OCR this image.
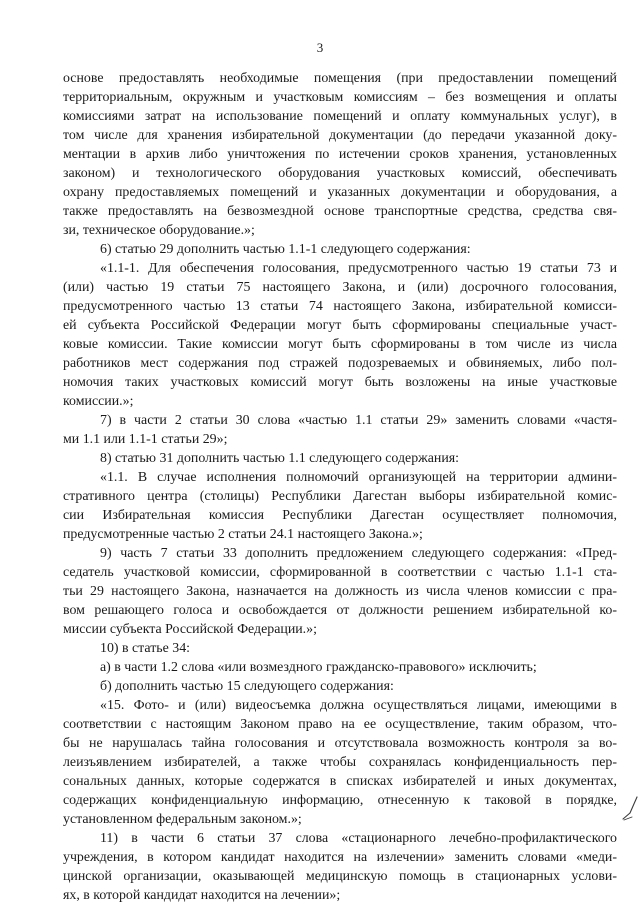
3
основе предоставлять необходимые помещения (при предоставлении помещений
территориальным, окружным и участковым комиссиям – без возмещения и оплаты
комиссиями затрат на использование помещений и оплату коммунальных услуг), в
том числе для хранения избирательной документации (до передачи указанной доку-
ментации в архив либо уничтожения по истечении сроков хранения, установленных
законом) и технологического оборудования участковых комиссий, обеспечивать
охрану предоставляемых помещений и указанных документации и оборудования, а
также предоставлять на безвозмездной основе транспортные средства, средства свя-
зи, техническое оборудование.»;
6) статью 29 дополнить частью 1.1-1 следующего содержания:
«1.1-1. Для обеспечения голосования, предусмотренного частью 19 статьи 73 и
(или) частью 19 статьи 75 настоящего Закона, и (или) досрочного голосования,
предусмотренного частью 13 статьи 74 настоящего Закона, избирательной комисси-
ей субъекта Российской Федерации могут быть сформированы специальные участ-
ковые комиссии. Такие комиссии могут быть сформированы в том числе из числа
работников мест содержания под стражей подозреваемых и обвиняемых, либо пол-
номочия таких участковых комиссий могут быть возложены на иные участковые
комиссии.»;
7) в части 2 статьи 30 слова «частью 1.1 статьи 29» заменить словами «частя-
ми 1.1 или 1.1-1 статьи 29»;
8) статью 31 дополнить частью 1.1 следующего содержания:
«1.1. В случае исполнения полномочий организующей на территории админи-
стративного центра (столицы) Республики Дагестан выборы избирательной комис-
сии Избирательная комиссия Республики Дагестан осуществляет полномочия,
предусмотренные частью 2 статьи 24.1 настоящего Закона.»;
9) часть 7 статьи 33 дополнить предложением следующего содержания: «Пред-
седатель участковой комиссии, сформированной в соответствии с частью 1.1-1 ста-
тьи 29 настоящего Закона, назначается на должность из числа членов комиссии с пра-
вом решающего голоса и освобождается от должности решением избирательной ко-
миссии субъекта Российской Федерации.»;
10) в статье 34:
а) в части 1.2 слова «или возмездного гражданско-правового» исключить;
б) дополнить частью 15 следующего содержания:
«15. Фото- и (или) видеосъемка должна осуществляться лицами, имеющими в
соответствии с настоящим Законом право на ее осуществление, таким образом, что-
бы не нарушалась тайна голосования и отсутствовала возможность контроля за во-
леизъявлением избирателей, а также чтобы сохранялась конфиденциальность пер-
сональных данных, которые содержатся в списках избирателей и иных документах,
содержащих конфиденциальную информацию, отнесенную к таковой в порядке,
установленном федеральным законом.»;
11) в части 6 статьи 37 слова «стационарного лечебно-профилактического
учреждения, в котором кандидат находится на излечении» заменить словами «меди-
цинской организации, оказывающей медицинскую помощь в стационарных услови-
ях, в которой кандидат находится на лечении»;
